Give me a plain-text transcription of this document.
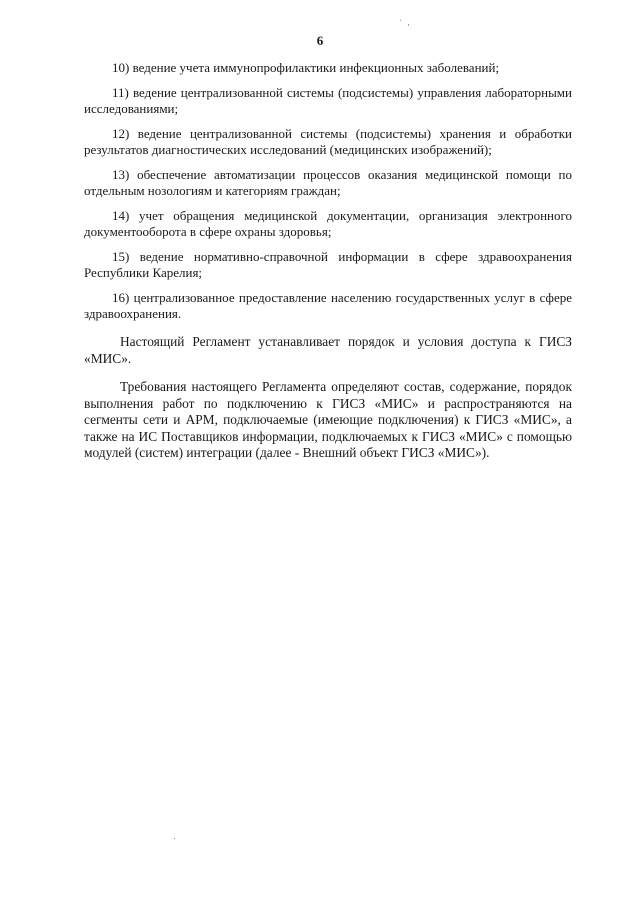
' ,
6

10) ведение учета иммунопрофилактики инфекционных заболеваний;

11) ведение централизованной системы (подсистемы) управления лабораторными исследованиями;

12) ведение централизованной системы (подсистемы) хранения и обработки результатов диагностических исследований (медицинских изображений);

13) обеспечение автоматизации процессов оказания медицинской помощи по отдельным нозологиям и категориям граждан;

14) учет обращения медицинской документации, организация электронного документооборота в сфере охраны здоровья;

15) ведение нормативно-справочной информации в сфере здравоохранения Республики Карелия;

16) централизованное предоставление населению государственных услуг в сфере здравоохранения.

Настоящий Регламент устанавливает порядок и условия доступа к ГИСЗ «МИС».

Требования настоящего Регламента определяют состав, содержание, порядок выполнения работ по подключению к ГИСЗ «МИС» и распространяются на сегменты сети и АРМ, подключаемые (имеющие подключения) к ГИСЗ «МИС», а также на ИС Поставщиков информации, подключаемых к ГИСЗ «МИС» с помощью модулей (систем) интеграции (далее - Внешний объект ГИСЗ «МИС»).
